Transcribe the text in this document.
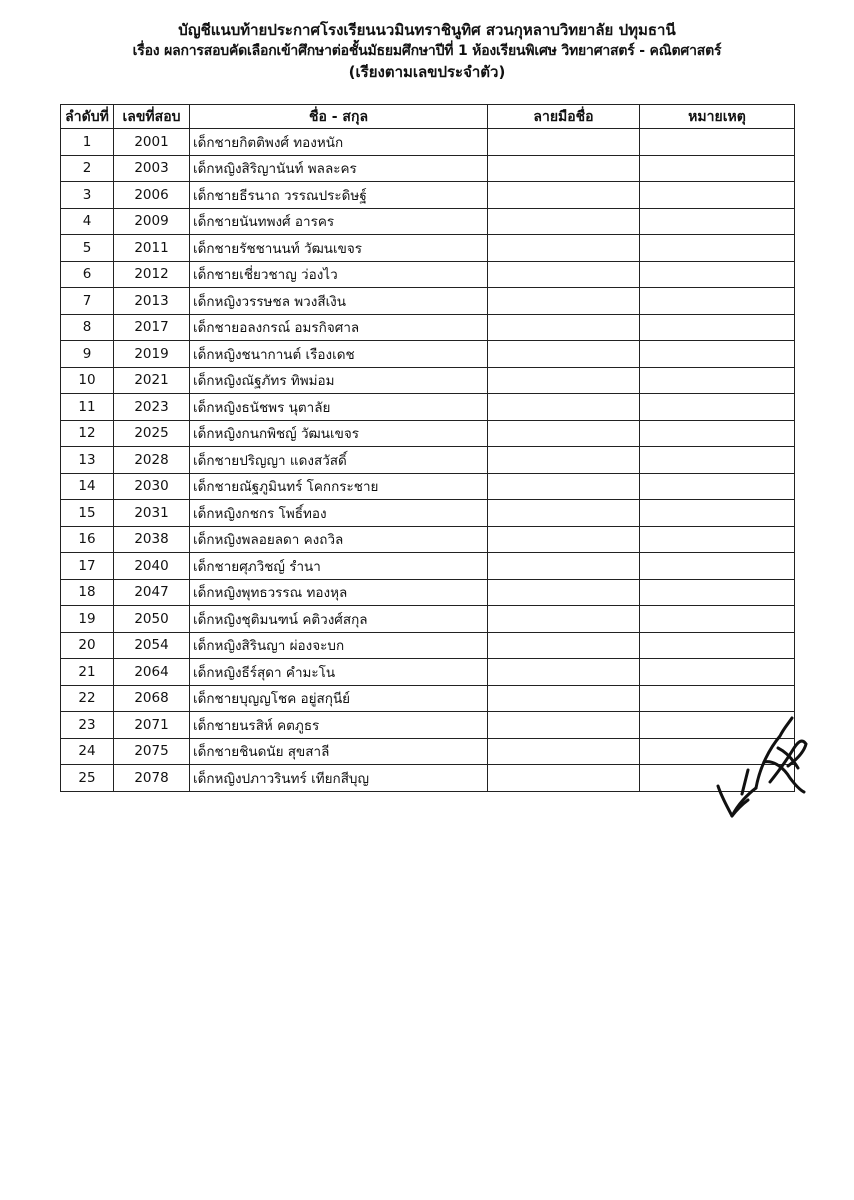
บัญชีแนบท้ายประกาศโรงเรียนนวมินทราชินูทิศ สวนกุหลาบวิทยาลัย ปทุมธานี
เรื่อง ผลการสอบคัดเลือกเข้าศึกษาต่อชั้นมัธยมศึกษาปีที่ 1 ห้องเรียนพิเศษ วิทยาศาสตร์ - คณิตศาสตร์
(เรียงตามเลขประจำตัว)
ลำดับที่	เลขที่สอบ	ชื่อ - สกุล	ลายมือชื่อ	หมายเหตุ
1	2001	เด็กชายกิตติพงศ์ ทองหนัก		
2	2003	เด็กหญิงสิริญานันท์ พลละคร		
3	2006	เด็กชายธีรนาถ วรรณประดิษฐ์		
4	2009	เด็กชายนันทพงศ์ อารคร		
5	2011	เด็กชายรัชชานนท์ วัฒนเขจร		
6	2012	เด็กชายเชี่ยวชาญ ว่องไว		
7	2013	เด็กหญิงวรรษชล พวงสีเงิน		
8	2017	เด็กชายอลงกรณ์ อมรกิจศาล		
9	2019	เด็กหญิงชนากานต์ เรืองเดช		
10	2021	เด็กหญิงณัฐภัทร ทิพม่อม		
11	2023	เด็กหญิงธนัชพร นุตาลัย		
12	2025	เด็กหญิงกนกพิชญ์ วัฒนเขจร		
13	2028	เด็กชายปริญญา แดงสวัสดิ์		
14	2030	เด็กชายณัฐภูมินทร์ โคกกระชาย		
15	2031	เด็กหญิงกชกร โพธิ์ทอง		
16	2038	เด็กหญิงพลอยลดา คงถวิล		
17	2040	เด็กชายศุภวิชญ์ รำนา		
18	2047	เด็กหญิงพุทธวรรณ ทองหุล		
19	2050	เด็กหญิงชุติมนฑน์ คติวงศ์สกุล		
20	2054	เด็กหญิงสิรินญา ผ่องจะบก		
21	2064	เด็กหญิงธีร์สุดา คำมะโน		
22	2068	เด็กชายบุญญโชค อยู่สกุนีย์		
23	2071	เด็กชายนรสิห์ คตภูธร		
24	2075	เด็กชายชินดนัย สุขสาลี		
25	2078	เด็กหญิงปภาวรินทร์ เทียกสีบุญ		
